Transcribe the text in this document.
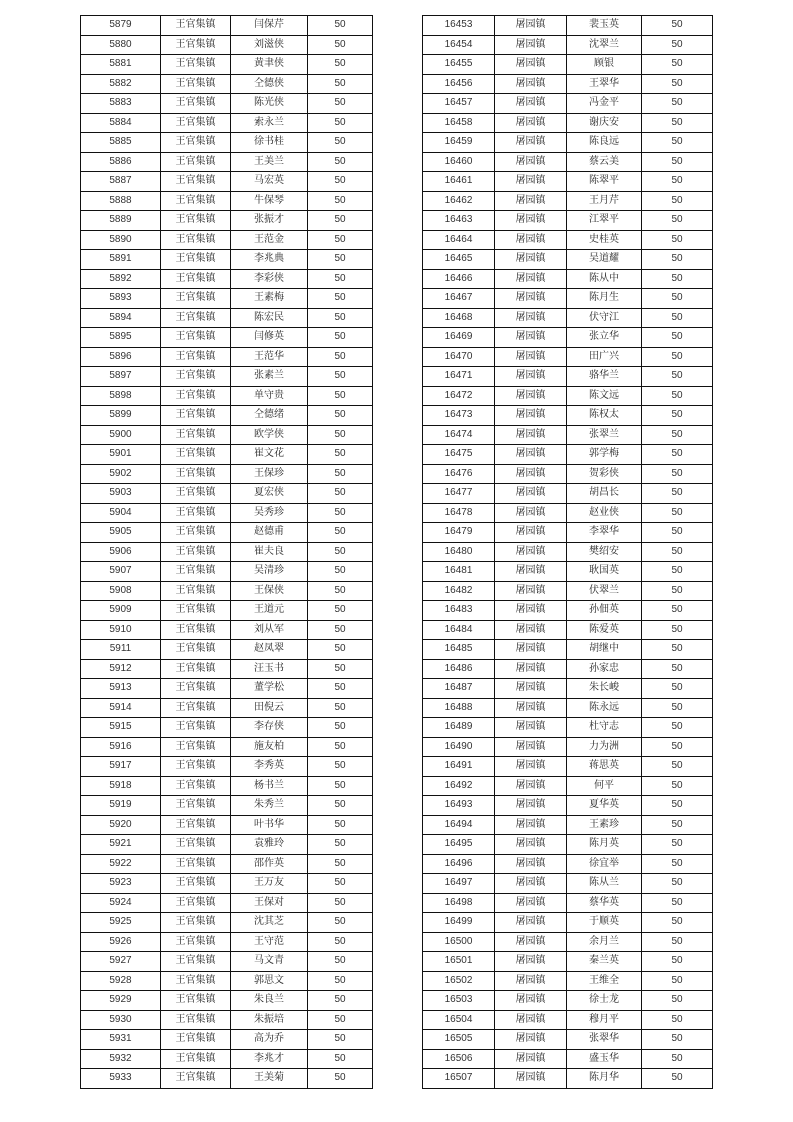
5879	王官集镇	闫保芹	50
5880	王官集镇	刘滋侠	50
5881	王官集镇	黄聿侠	50
5882	王官集镇	仝德侠	50
5883	王官集镇	陈光侠	50
5884	王官集镇	索永兰	50
5885	王官集镇	徐书桂	50
5886	王官集镇	王美兰	50
5887	王官集镇	马宏英	50
5888	王官集镇	牛保琴	50
5889	王官集镇	张振才	50
5890	王官集镇	王范金	50
5891	王官集镇	李兆典	50
5892	王官集镇	李彩侠	50
5893	王官集镇	王素梅	50
5894	王官集镇	陈宏民	50
5895	王官集镇	闫修英	50
5896	王官集镇	王范华	50
5897	王官集镇	张素兰	50
5898	王官集镇	单守贵	50
5899	王官集镇	仝德绪	50
5900	王官集镇	欧学侠	50
5901	王官集镇	崔文花	50
5902	王官集镇	王保珍	50
5903	王官集镇	夏宏侠	50
5904	王官集镇	吴秀珍	50
5905	王官集镇	赵德甫	50
5906	王官集镇	崔夫良	50
5907	王官集镇	吴清珍	50
5908	王官集镇	王保侠	50
5909	王官集镇	王道元	50
5910	王官集镇	刘从军	50
5911	王官集镇	赵凤翠	50
5912	王官集镇	汪玉书	50
5913	王官集镇	董学松	50
5914	王官集镇	田倪云	50
5915	王官集镇	李存侠	50
5916	王官集镇	施友柏	50
5917	王官集镇	李秀英	50
5918	王官集镇	杨书兰	50
5919	王官集镇	朱秀兰	50
5920	王官集镇	叶书华	50
5921	王官集镇	袁雅玲	50
5922	王官集镇	邵作英	50
5923	王官集镇	王万友	50
5924	王官集镇	王保对	50
5925	王官集镇	沈其芝	50
5926	王官集镇	王守范	50
5927	王官集镇	马文青	50
5928	王官集镇	郭思文	50
5929	王官集镇	朱良兰	50
5930	王官集镇	朱振培	50
5931	王官集镇	高为乔	50
5932	王官集镇	李兆才	50
5933	王官集镇	王美菊	50
16453	屠园镇	裴玉英	50
16454	屠园镇	沈翠兰	50
16455	屠园镇	顾银	50
16456	屠园镇	王翠华	50
16457	屠园镇	冯金平	50
16458	屠园镇	谢庆安	50
16459	屠园镇	陈良远	50
16460	屠园镇	蔡云美	50
16461	屠园镇	陈翠平	50
16462	屠园镇	王月芹	50
16463	屠园镇	江翠平	50
16464	屠园镇	史桂英	50
16465	屠园镇	吴道耀	50
16466	屠园镇	陈从中	50
16467	屠园镇	陈月生	50
16468	屠园镇	伏守江	50
16469	屠园镇	张立华	50
16470	屠园镇	田广兴	50
16471	屠园镇	骆华兰	50
16472	屠园镇	陈文远	50
16473	屠园镇	陈权太	50
16474	屠园镇	张翠兰	50
16475	屠园镇	郭学梅	50
16476	屠园镇	贺彩侠	50
16477	屠园镇	胡昌长	50
16478	屠园镇	赵业侠	50
16479	屠园镇	李翠华	50
16480	屠园镇	樊绍安	50
16481	屠园镇	耿国英	50
16482	屠园镇	伏翠兰	50
16483	屠园镇	孙佃英	50
16484	屠园镇	陈爱英	50
16485	屠园镇	胡继中	50
16486	屠园镇	孙家忠	50
16487	屠园镇	朱长峻	50
16488	屠园镇	陈永远	50
16489	屠园镇	杜守志	50
16490	屠园镇	力为洲	50
16491	屠园镇	蒋思英	50
16492	屠园镇	何平	50
16493	屠园镇	夏华英	50
16494	屠园镇	王素珍	50
16495	屠园镇	陈月英	50
16496	屠园镇	徐宜举	50
16497	屠园镇	陈从兰	50
16498	屠园镇	蔡华英	50
16499	屠园镇	于顺英	50
16500	屠园镇	余月兰	50
16501	屠园镇	秦兰英	50
16502	屠园镇	王维全	50
16503	屠园镇	徐士龙	50
16504	屠园镇	穆月平	50
16505	屠园镇	张翠华	50
16506	屠园镇	盛玉华	50
16507	屠园镇	陈月华	50
